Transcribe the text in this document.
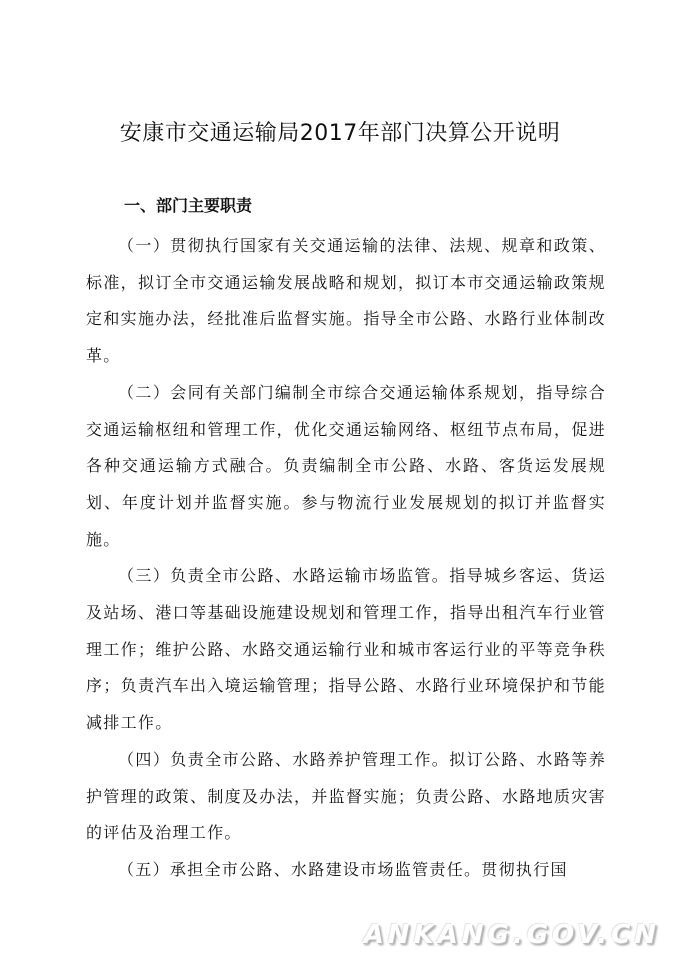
安康市交通运输局2017年部门决算公开说明
一、部门主要职责

（一）贯彻执行国家有关交通运输的法律、法规、规章和政策、标准，拟订全市交通运输发展战略和规划，拟订本市交通运输政策规定和实施办法，经批准后监督实施。指导全市公路、水路行业体制改革。

（二）会同有关部门编制全市综合交通运输体系规划，指导综合交通运输枢纽和管理工作，优化交通运输网络、枢纽节点布局，促进各种交通运输方式融合。负责编制全市公路、水路、客货运发展规划、年度计划并监督实施。参与物流行业发展规划的拟订并监督实施。

（三）负责全市公路、水路运输市场监管。指导城乡客运、货运及站场、港口等基础设施建设规划和管理工作，指导出租汽车行业管理工作；维护公路、水路交通运输行业和城市客运行业的平等竞争秩序；负责汽车出入境运输管理；指导公路、水路行业环境保护和节能减排工作。

（四）负责全市公路、水路养护管理工作。拟订公路、水路等养护管理的政策、制度及办法，并监督实施；负责公路、水路地质灾害的评估及治理工作。

（五）承担全市公路、水路建设市场监管责任。贯彻执行国

ANKANG.GOV.CN
